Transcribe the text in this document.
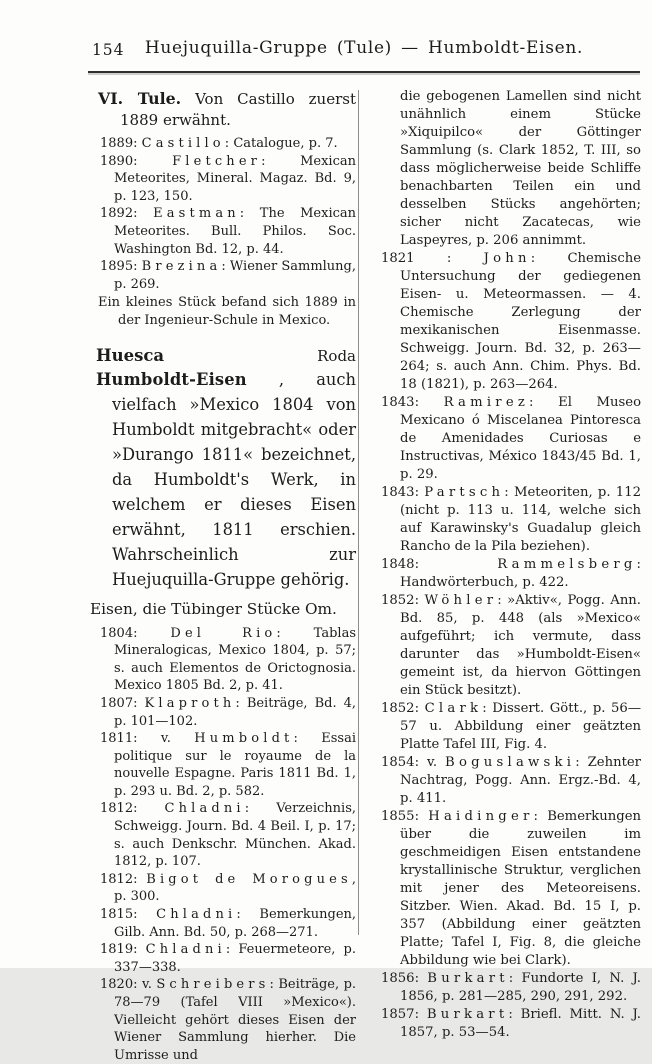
154	Huejuquilla-Gruppe (Tule) — Humboldt-Eisen.

VI. Tule. Von Castillo zuerst 1889 erwähnt.

1889: Castillo: Catalogue, p. 7.

1890: Fletcher: Mexican Meteorites, Mineral. Magaz. Bd. 9, p. 123, 150.

1892: Eastman: The Mexican Meteorites. Bull. Philos. Soc. Washington Bd. 12, p. 44.

1895: Brezina: Wiener Sammlung, p. 269.

Ein kleines Stück befand sich 1889 in der Ingenieur-Schule in Mexico.

Huesca	Roda

Humboldt-Eisen , auch vielfach »Mexico 1804 von Humboldt mitgebracht« oder »Durango 1811« bezeichnet, da Humboldt's Werk, in welchem er dieses Eisen erwähnt, 1811 erschien. Wahrscheinlich zur Huejuquilla-Gruppe gehörig.

Eisen, die Tübinger Stücke Om.

1804: Del Rio: Tablas Mineralogicas, Mexico 1804, p. 57; s. auch Elementos de Orictognosia. Mexico 1805 Bd. 2, p. 41.

1807: Klaproth: Beiträge, Bd. 4, p. 101—102.

1811: v. Humboldt: Essai politique sur le royaume de la nouvelle Espagne. Paris 1811 Bd. 1, p. 293 u. Bd. 2, p. 582.

1812: Chladni: Verzeichnis, Schweigg. Journ. Bd. 4 Beil. I, p. 17; s. auch Denkschr. München. Akad. 1812, p. 107.

1812: Bigot de Morogues, p. 300.

1815: Chladni: Bemerkungen, Gilb. Ann. Bd. 50, p. 268—271.

1819: Chladni: Feuermeteore, p. 337—338.

1820: v. Schreibers: Beiträge, p. 78—79 (Tafel VIII »Mexico«). Vielleicht gehört dieses Eisen der Wiener Sammlung hierher. Die Umrisse und

die gebogenen Lamellen sind nicht unähnlich einem Stücke »Xiquipilco« der Göttinger Sammlung (s. Clark 1852, T. III, so dass möglicherweise beide Schliffe benachbarten Teilen ein und desselben Stücks angehörten; sicher nicht Zacatecas, wie Laspeyres, p. 206 annimmt.

1821 : John: Chemische Untersuchung der gediegenen Eisen- u. Meteormassen. — 4. Chemische Zerlegung der mexikanischen Eisenmasse. Schweigg. Journ. Bd. 32, p. 263—264; s. auch Ann. Chim. Phys. Bd. 18 (1821), p. 263—264.

1843: Ramirez: El Museo Mexicano ó Miscelanea Pintoresca de Amenidades Curiosas e Instructivas, México 1843/45 Bd. 1, p. 29.

1843: Partsch: Meteoriten, p. 112 (nicht p. 113 u. 114, welche sich auf Karawinsky's Guadalup gleich Rancho de la Pila beziehen).

1848: Rammelsberg: Handwörterbuch, p. 422.

1852: Wöhler: »Aktiv«, Pogg. Ann. Bd. 85, p. 448 (als »Mexico« aufgeführt; ich vermute, dass darunter das »Humboldt-Eisen« gemeint ist, da hiervon Göttingen ein Stück besitzt).

1852: Clark: Dissert. Gött., p. 56—57 u. Abbildung einer geätzten Platte Tafel III, Fig. 4.

1854: v. Boguslawski: Zehnter Nachtrag, Pogg. Ann. Ergz.-Bd. 4, p. 411.

1855: Haidinger: Bemerkungen über die zuweilen im geschmeidigen Eisen entstandene krystallinische Struktur, verglichen mit jener des Meteoreisens. Sitzber. Wien. Akad. Bd. 15 I, p. 357 (Abbildung einer geätzten Platte; Tafel I, Fig. 8, die gleiche Abbildung wie bei Clark).

1856: Burkart: Fundorte I, N. J. 1856, p. 281—285, 290, 291, 292.

1857: Burkart: Briefl. Mitt. N. J. 1857, p. 53—54.
